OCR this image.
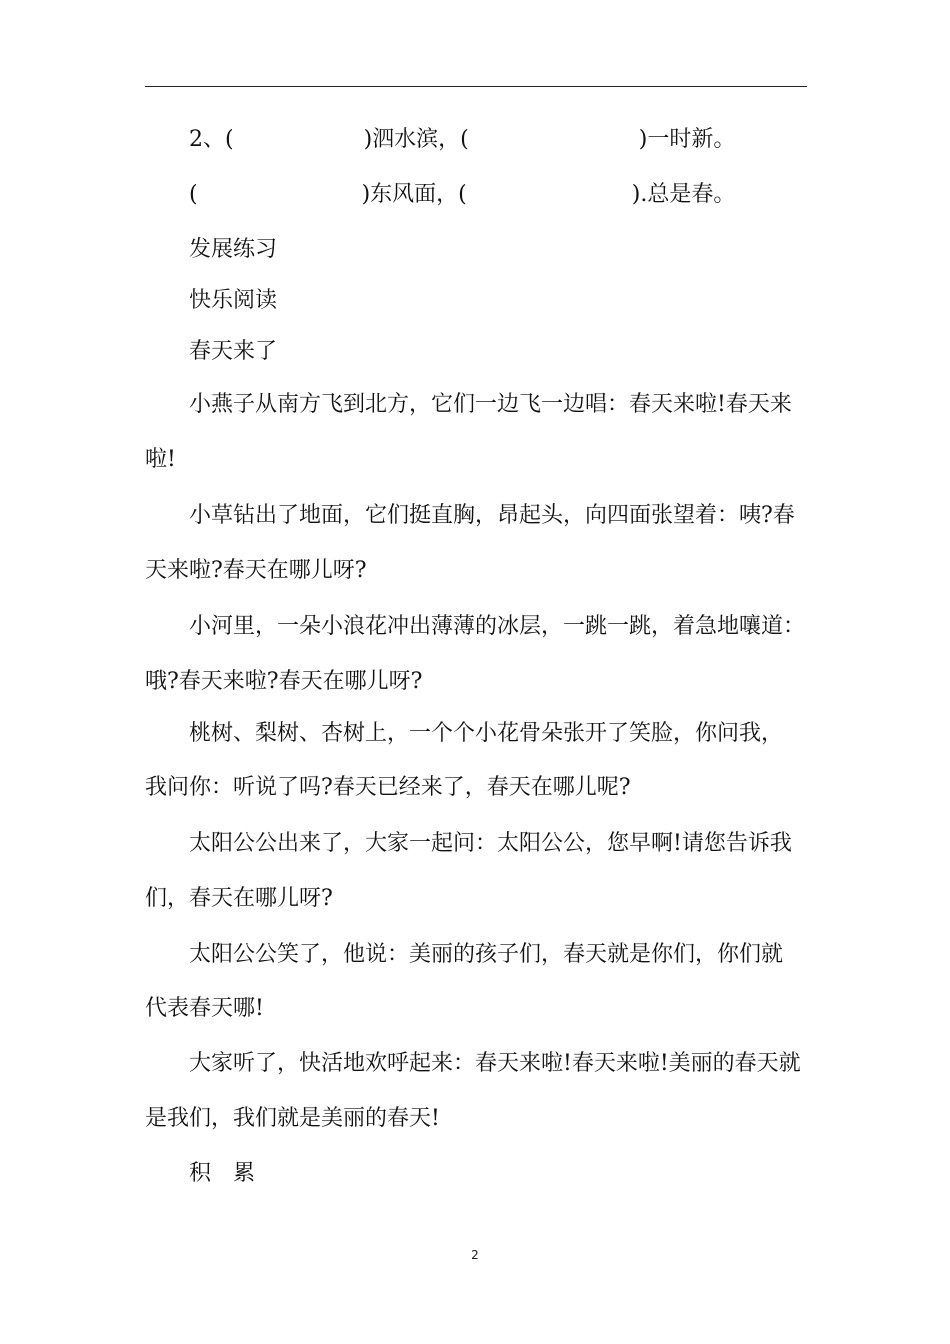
2、(	)泗水滨，(	)一时新。
(	)东风面，(	).总是春。
发展练习
快乐阅读
春天来了
小燕子从南方飞到北方，它们一边飞一边唱：春天来啦!春天来
啦!
小草钻出了地面，它们挺直胸，昂起头，向四面张望着：咦?春
天来啦?春天在哪儿呀?
小河里，一朵小浪花冲出薄薄的冰层，一跳一跳，着急地嚷道：
哦?春天来啦?春天在哪儿呀?
桃树、梨树、杏树上，一个个小花骨朵张开了笑脸，你问我，
我问你：听说了吗?春天已经来了，春天在哪儿呢?
太阳公公出来了，大家一起问：太阳公公，您早啊!请您告诉我
们，春天在哪儿呀?
太阳公公笑了，他说：美丽的孩子们，春天就是你们，你们就
代表春天哪!
大家听了，快活地欢呼起来：春天来啦!春天来啦!美丽的春天就
是我们，我们就是美丽的春天!
积　累
2
